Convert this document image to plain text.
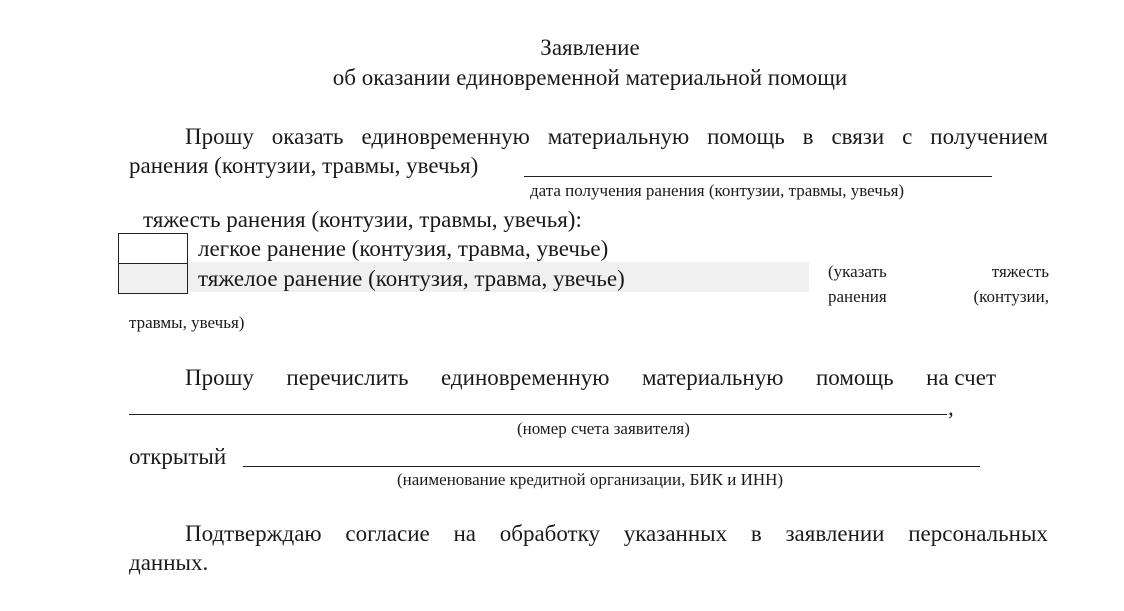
Заявление
об оказании единовременной материальной помощи
Прошу оказать единовременную материальную помощь в связи с получением
ранения (контузии, травмы, увечья)
дата получения ранения (контузии, травмы, увечья)
тяжесть ранения (контузии, травмы, увечья):
легкое ранение (контузия, травма, увечье)
тяжелое ранение (контузия, травма, увечье)	(указать	тяжесть
ранения	(контузии,
травмы, увечья)
Прошу перечислить единовременную материальную помощь на счет
,
(номер счета заявителя)
открытый
(наименование кредитной организации, БИК и ИНН)
Подтверждаю согласие на обработку указанных в заявлении персональных
данных.
